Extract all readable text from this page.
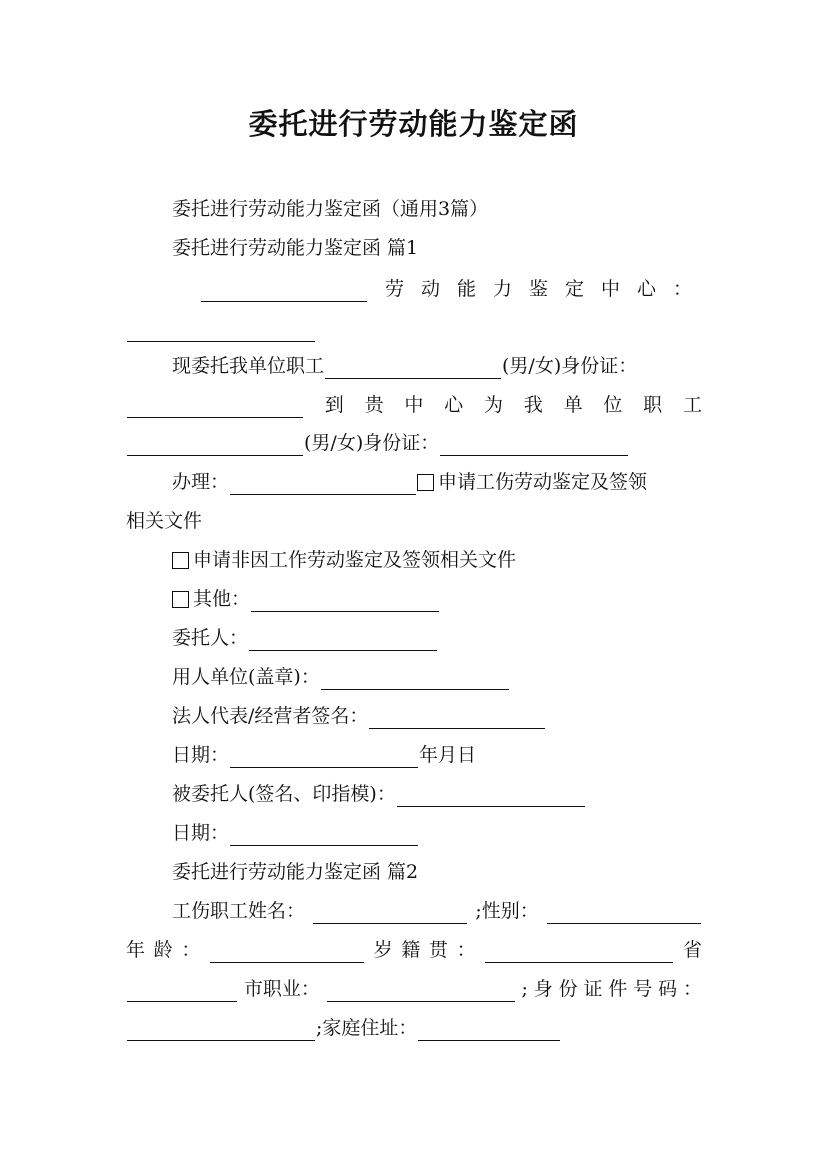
委托进行劳动能力鉴定函
委托进行劳动能力鉴定函（通用3篇）
委托进行劳动能力鉴定函 篇1
劳 动 能 力 鉴 定 中 心 ：
现委托我单位职工	(男/女)身份证：
到 贵 中 心 为 我 单 位 职 工
(男/女)身份证：
办理：	申请工伤劳动鉴定及签领
相关文件
申请非因工作劳动鉴定及签领相关文件
其他：
委托人：
用人单位(盖章)：
法人代表/经营者签名：
日期：	年月日
被委托人(签名、印指模)：
日期：
委托进行劳动能力鉴定函 篇2
工伤职工姓名：	;性别：
年 龄 ：	岁 籍 贯 ：	省
市职业：	; 身 份 证 件 号 码 ：
;家庭住址：
